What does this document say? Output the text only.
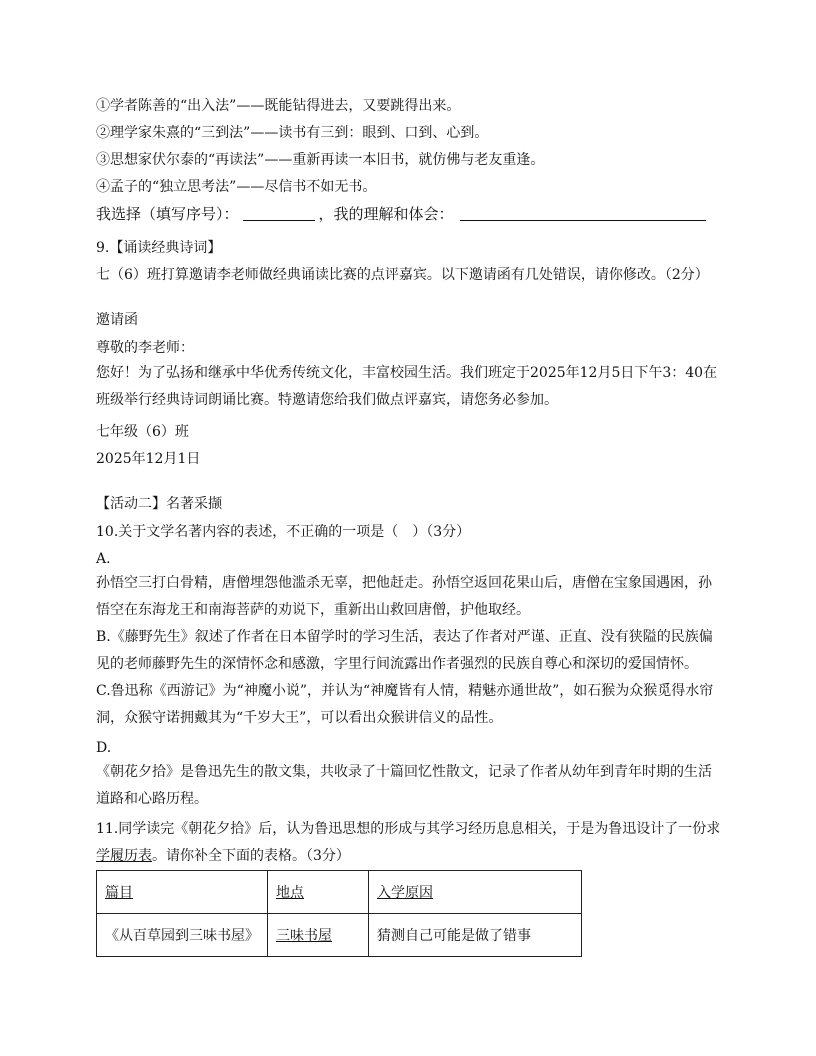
①学者陈善的“出入法”——既能钻得进去，又要跳得出来。
②理学家朱熹的“三到法”——读书有三到：眼到、口到、心到。
③思想家伏尔泰的“再读法”——重新再读一本旧书，就仿佛与老友重逢。
④孟子的“独立思考法”——尽信书不如无书。
我选择（填写序号）：	，我的理解和体会：
9.【诵读经典诗词】
七（6）班打算邀请李老师做经典诵读比赛的点评嘉宾。以下邀请函有几处错误，请你修改。（2分）
邀请函
尊敬的李老师：
您好！为了弘扬和继承中华优秀传统文化，丰富校园生活。我们班定于2025年12月5日下午3：40在班级举行经典诗词朗诵比赛。特邀请您给我们做点评嘉宾，请您务必参加。
七年级（6）班
2025年12月1日
【活动二】名著采撷
10.关于文学名著内容的表述，不正确的一项是（　）（3分）
A.
孙悟空三打白骨精，唐僧埋怨他滥杀无辜，把他赶走。孙悟空返回花果山后，唐僧在宝象国遇困，孙悟空在东海龙王和南海菩萨的劝说下，重新出山救回唐僧，护他取经。
B.《藤野先生》叙述了作者在日本留学时的学习生活，表达了作者对严谨、正直、没有狭隘的民族偏见的老师藤野先生的深情怀念和感激，字里行间流露出作者强烈的民族自尊心和深切的爱国情怀。
C.鲁迅称《西游记》为“神魔小说”，并认为“神魔皆有人情，精魅亦通世故”，如石猴为众猴觅得水帘洞，众猴守诺拥戴其为“千岁大王”，可以看出众猴讲信义的品性。
D.
《朝花夕拾》是鲁迅先生的散文集，共收录了十篇回忆性散文，记录了作者从幼年到青年时期的生活道路和心路历程。
11.同学读完《朝花夕拾》后，认为鲁迅思想的形成与其学习经历息息相关，于是为鲁迅设计了一份求
学履历表。请你补全下面的表格。（3分）
篇目	地点	入学原因
《从百草园到三味书屋》	三味书屋	猜测自己可能是做了错事
